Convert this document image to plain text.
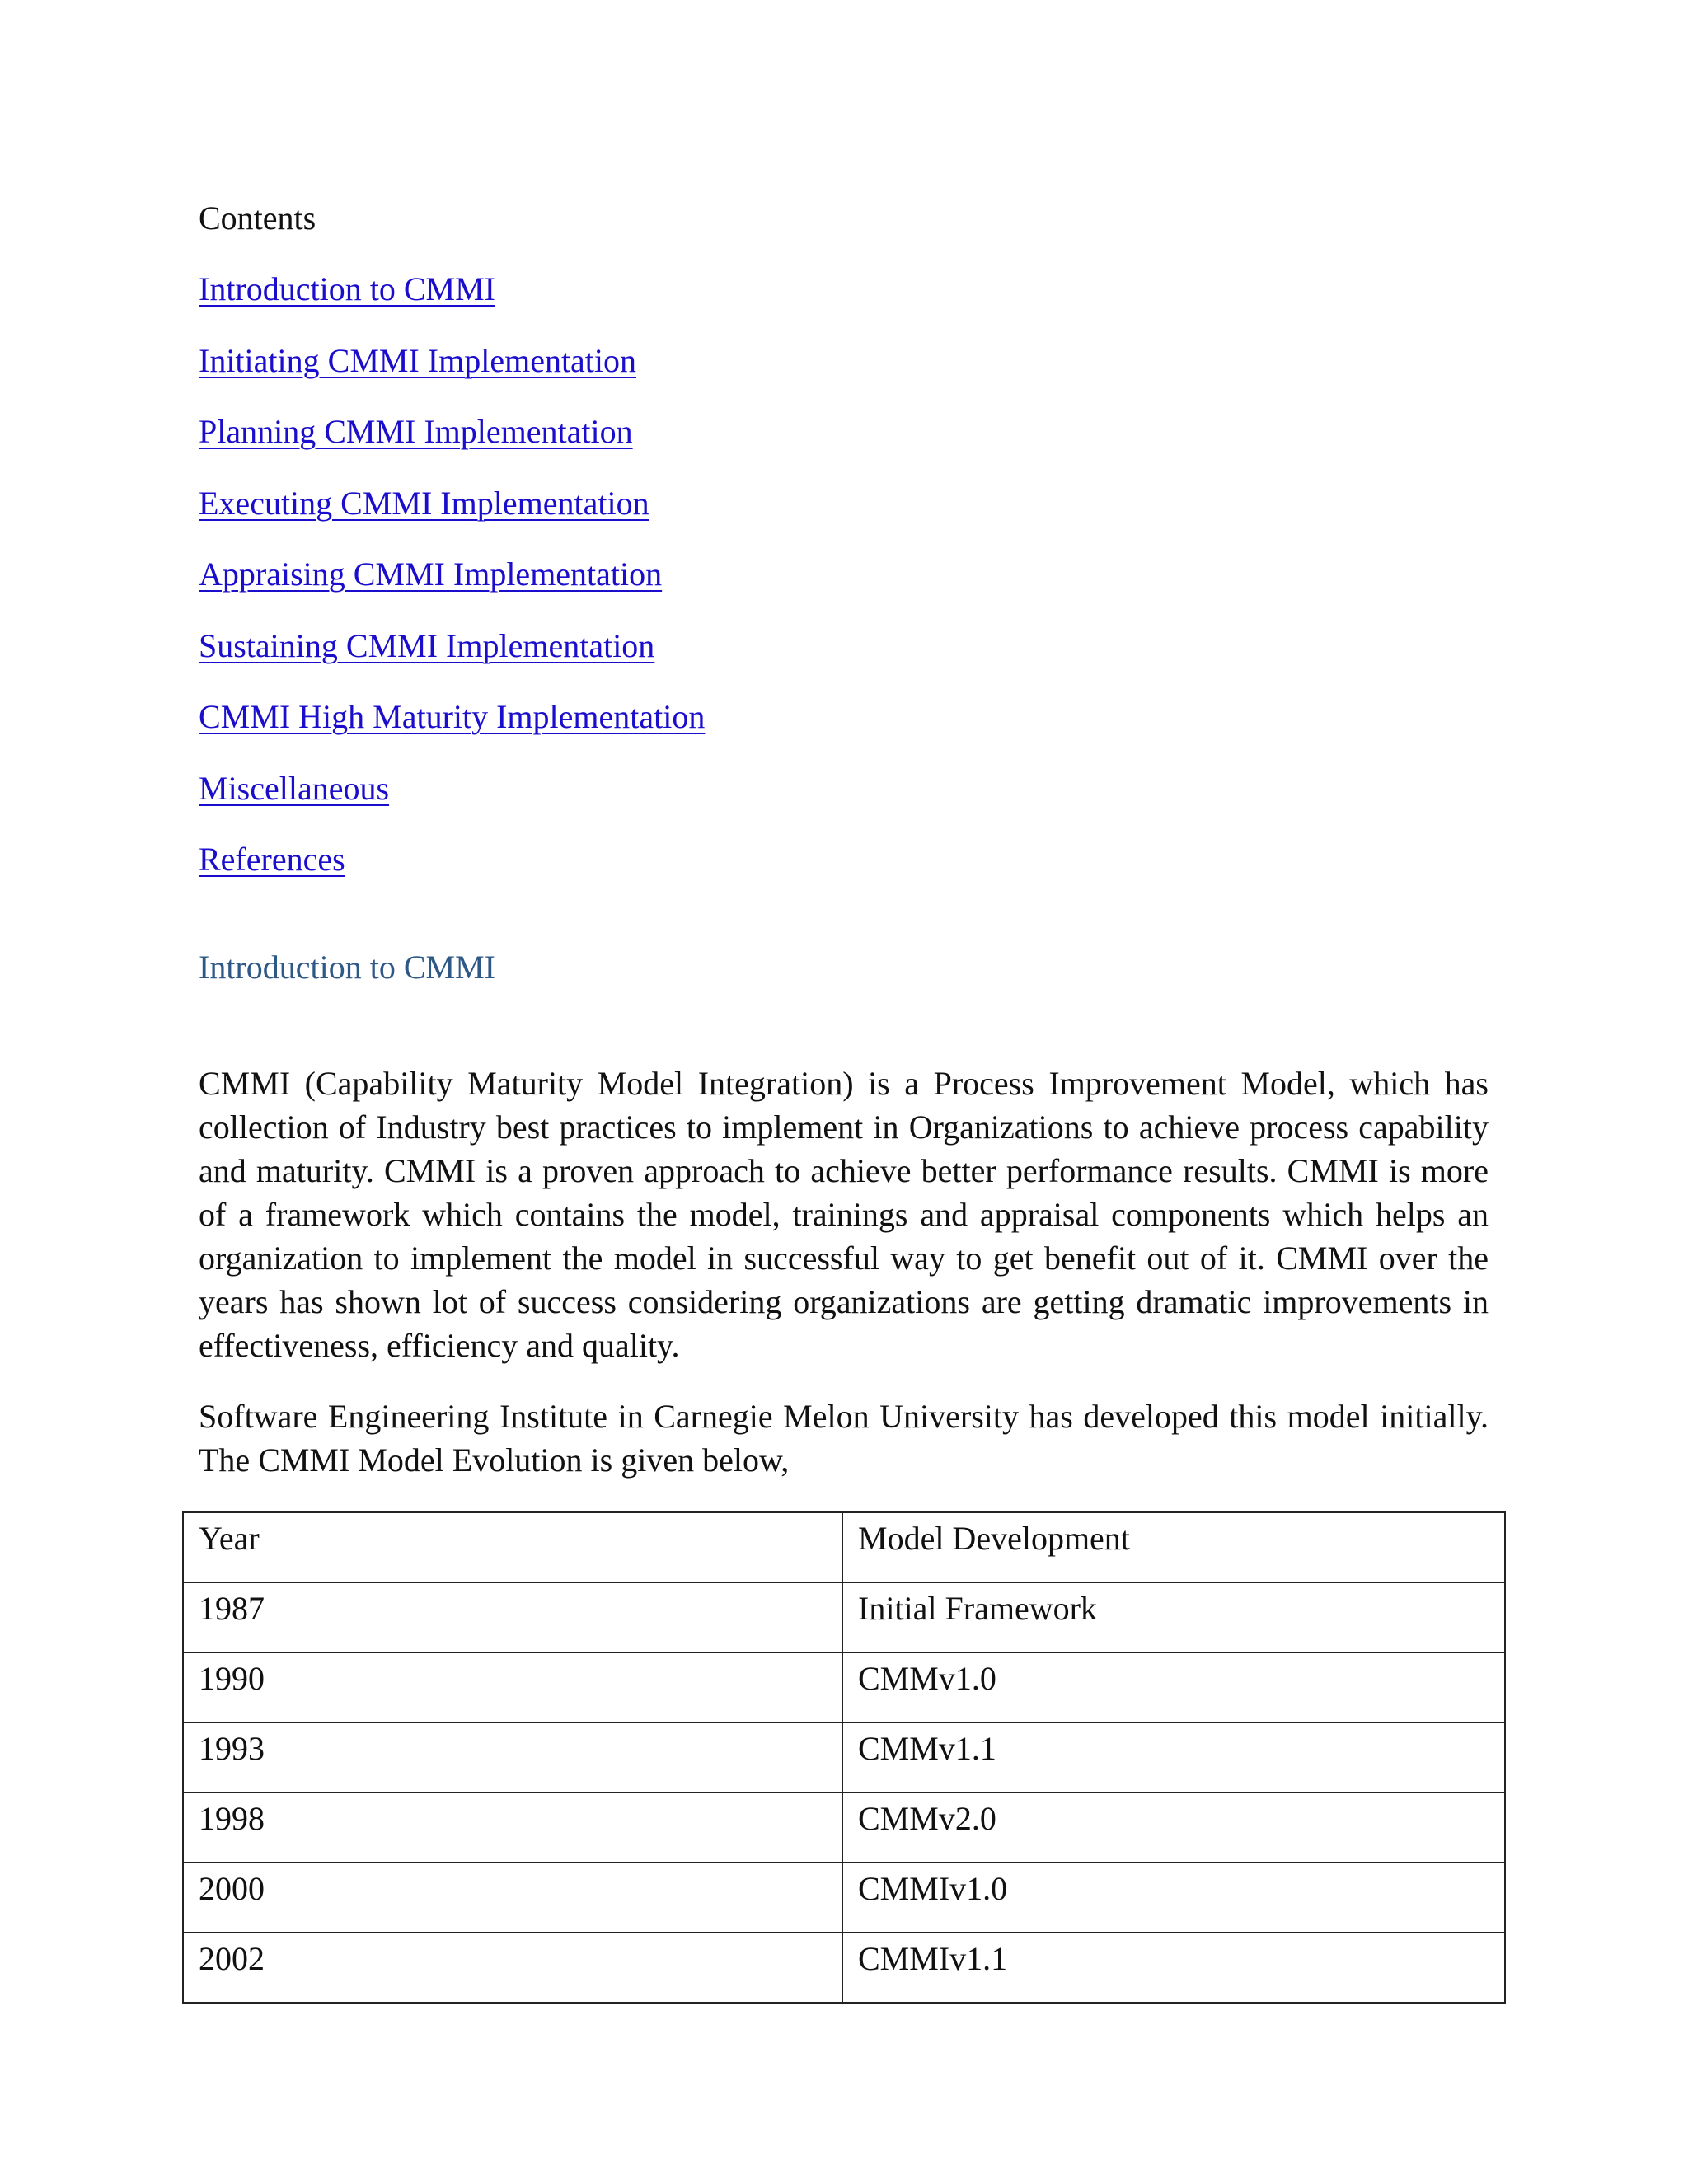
Contents
Introduction to CMMI
Initiating CMMI Implementation
Planning CMMI Implementation
Executing CMMI Implementation
Appraising CMMI Implementation
Sustaining CMMI Implementation
CMMI High Maturity Implementation
Miscellaneous
References
Introduction to CMMI

CMMI (Capability Maturity Model Integration) is a Process Improvement Model, which has collection of Industry best practices to implement in Organizations to achieve process capability and maturity. CMMI is a proven approach to achieve better performance results. CMMI is more of a framework which contains the model, trainings and appraisal components which helps an organization to implement the model in successful way to get benefit out of it. CMMI over the years has shown lot of success considering organizations are getting dramatic improvements in effectiveness, efficiency and quality.

Software Engineering Institute in Carnegie Melon University has developed this model initially. The CMMI Model Evolution is given below,

Year	Model Development
1987	Initial Framework
1990	CMMv1.0
1993	CMMv1.1
1998	CMMv2.0
2000	CMMIv1.0
2002	CMMIv1.1
